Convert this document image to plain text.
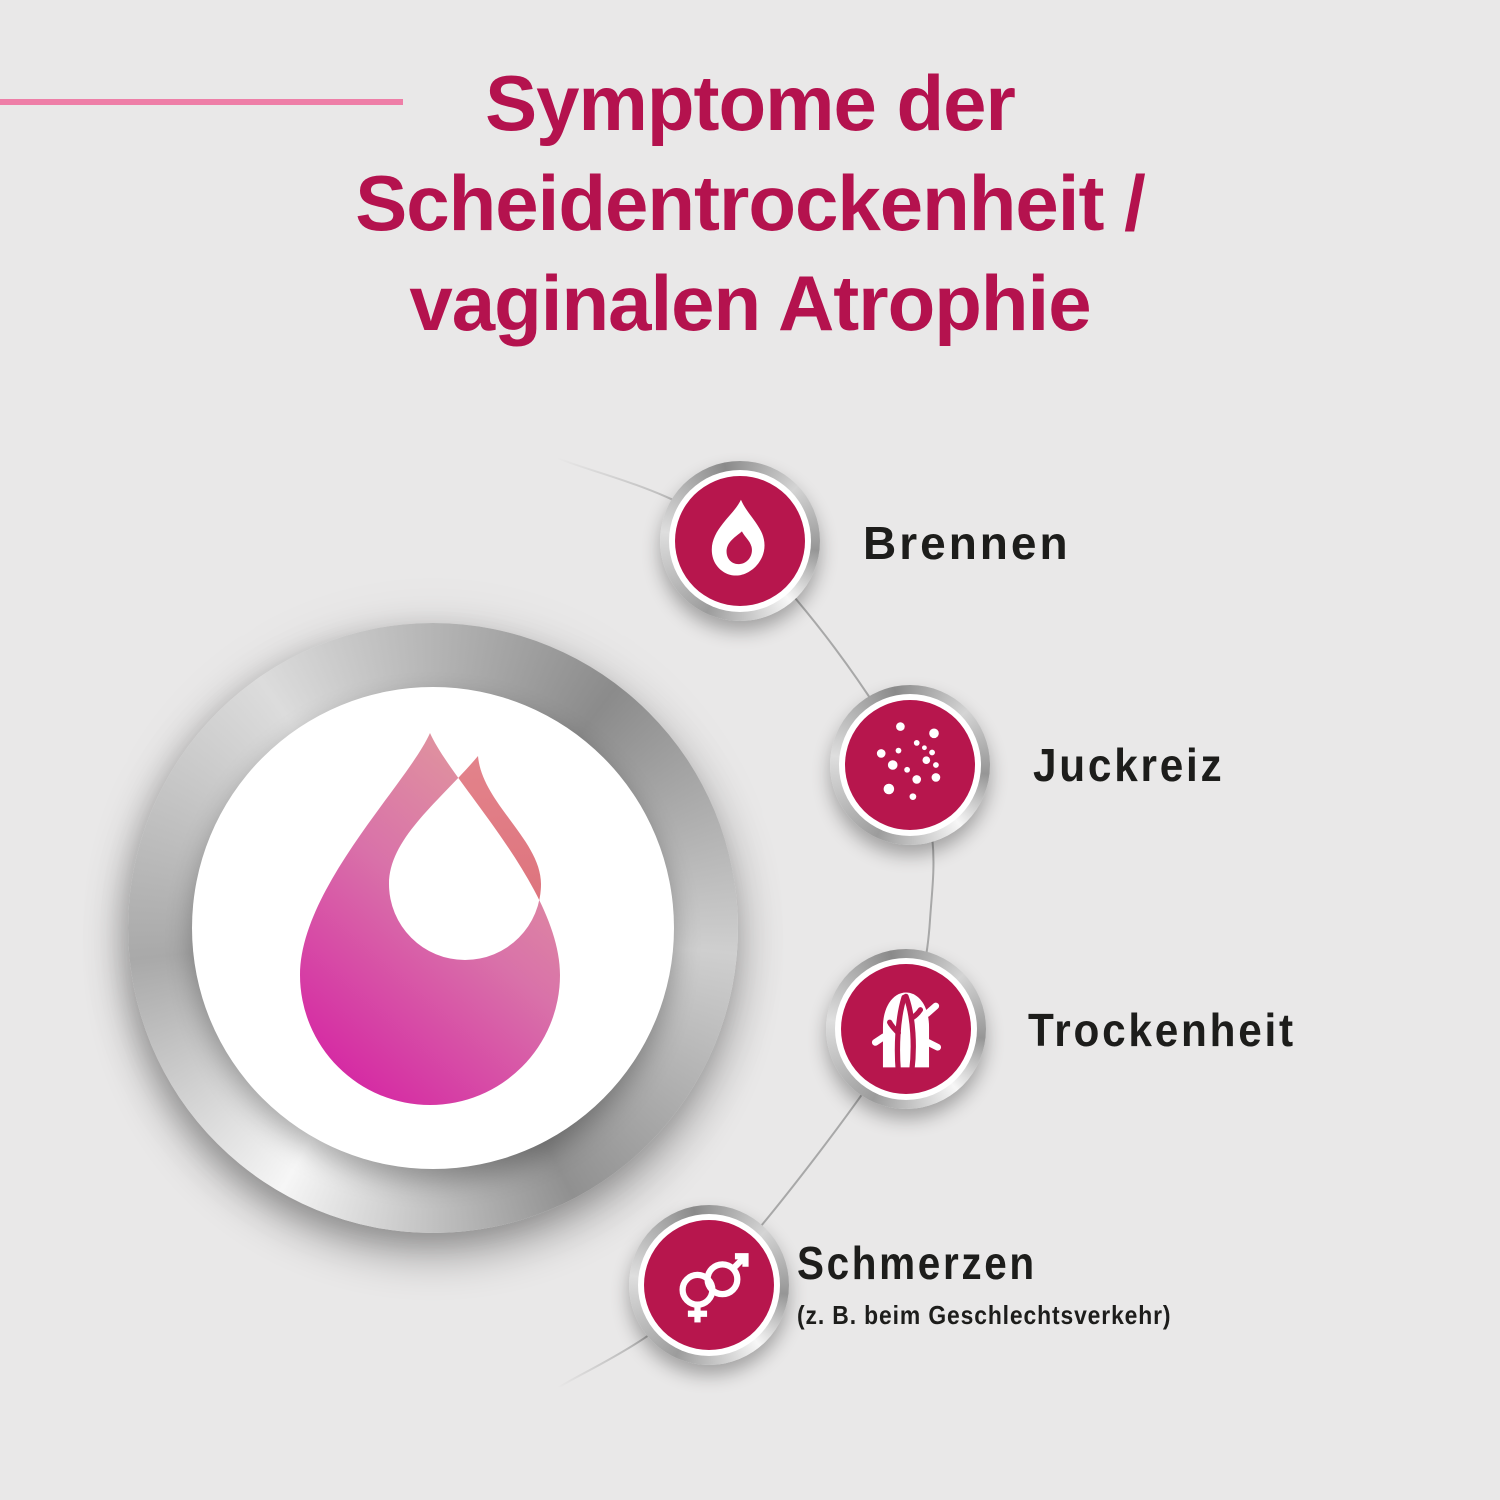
Symptome der
Scheidentrockenheit /
vaginalen Atrophie
Brennen
Juckreiz
Trockenheit
Schmerzen
(z. B. beim Geschlechtsverkehr)
